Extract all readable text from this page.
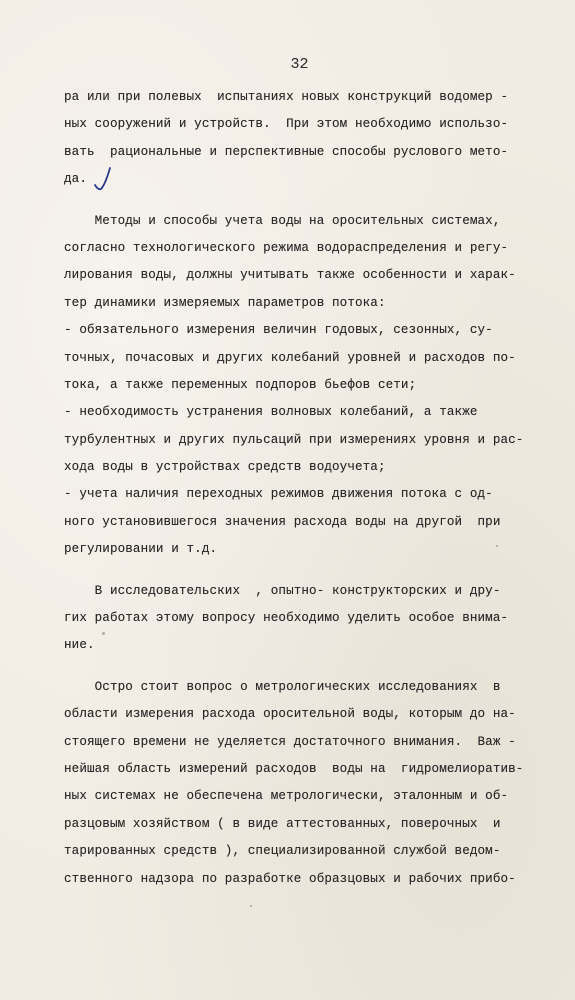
32
ра или при полевых  испытаниях новых конструкций водомер -
ных сооружений и устройств.  При этом необходимо использо-
вать  рациональные и перспективные способы руслового мето-
да.
Методы и способы учета воды на оросительных системах,
согласно технологического режима водораспределения и регу-
лирования воды, должны учитывать также особенности и харак-
тер динамики измеряемых параметров потока:
- обязательного измерения величин годовых, сезонных, су-
точных, почасовых и других колебаний уровней и расходов по-
тока, а также переменных подпоров бьефов сети;
- необходимость устранения волновых колебаний, а также
турбулентных и других пульсаций при измерениях уровня и рас-
хода воды в устройствах средств водоучета;
- учета наличия переходных режимов движения потока с од-
ного установившегося значения расхода воды на другой  при
регулировании и т.д.
В исследовательских  , опытно- конструкторских и дру-
гих работах этому вопросу необходимо уделить особое внима-
ние.
Остро стоит вопрос о метрологических исследованиях  в
области измерения расхода оросительной воды, которым до на-
стоящего времени не уделяется достаточного внимания.  Важ -
нейшая область измерений расходов  воды на  гидромелиоратив-
ных системах не обеспечена метрологически, эталонным и об-
разцовым хозяйством ( в виде аттестованных, поверочных  и
тарированных средств ), специализированной службой ведом-
ственного надзора по разработке образцовых и рабочих прибо-
